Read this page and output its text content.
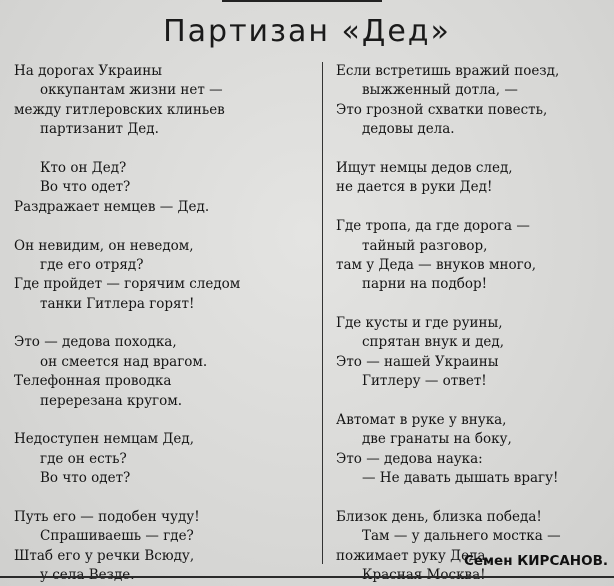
Партизан «Дед»
На дорогах Украины
оккупантам жизни нет —
между гитлеровских клиньев
партизанит Дед.
Кто он Дед?
Во что одет?
Раздражает немцев — Дед.
Он невидим, он неведом,
где его отряд?
Где пройдет — горячим следом
танки Гитлера горят!
Это — дедова походка,
он смеется над врагом.
Телефонная проводка
перерезана кругом.
Недоступен немцам Дед,
где он есть?
Во что одет?
Путь его — подобен чуду!
Спрашиваешь — где?
Штаб его у речки Всюду,
Если встретишь вражий поезд,
выжженный дотла, —
Это грозной схватки повесть,
дедовы дела.
Ищут немцы дедов след,
не дается в руки Дед!
Где тропа, да где дорога —
тайный разговор,
там у Деда — внуков много,
парни на подбор!
Где кусты и где руины,
спрятан внук и дед,
Это — нашей Украины
Гитлеру — ответ!
Автомат в руке у внука,
две гранаты на боку,
Это — дедова наука:
— Не давать дышать врагу!
Близок день, близка победа!
Там — у дальнего мостка —
пожимает руку Деда
Семен КИРСАНОВ.
